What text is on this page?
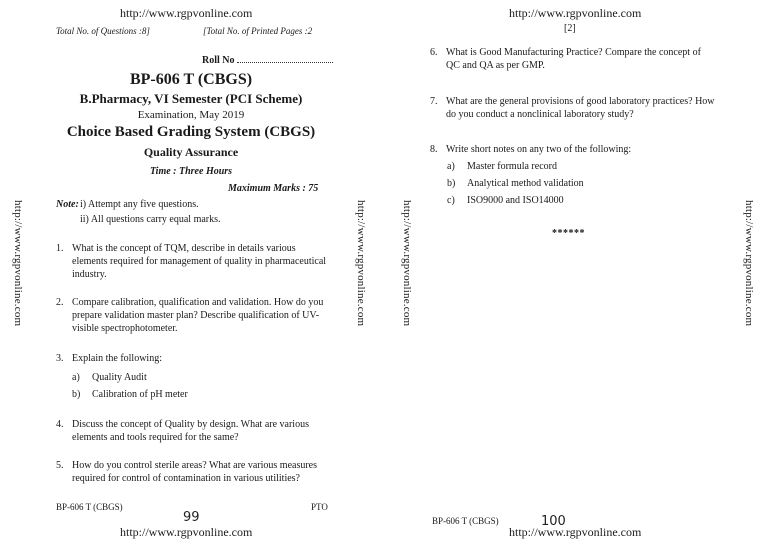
http://www.rgpvonline.com
Total No. of Questions :8]	[Total No. of Printed Pages :2
Roll No
BP-606 T (CBGS)
B.Pharmacy, VI Semester (PCI Scheme)
Examination, May 2019
Choice Based Grading System (CBGS)
Quality Assurance
Time : Three Hours
Maximum Marks : 75
Note: i) Attempt any five questions.
ii) All questions carry equal marks.
1. What is the concept of TQM, describe in details various elements required for management of quality in pharmaceutical industry.
2. Compare calibration, qualification and validation. How do you prepare validation master plan? Describe qualification of UV-visible spectrophotometer.
3. Explain the following:
a) Quality Audit
b) Calibration of pH meter
4. Discuss the concept of Quality by design. What are various elements and tools required for the same?
5. How do you control sterile areas? What are various measures required for control of contamination in various utilities?
BP-606 T (CBGS)	PTO
99
http://www.rgpvonline.com
http://www.rgpvonline.com	http://www.rgpvonline.com
http://www.rgpvonline.com
[2]
6. What is Good Manufacturing Practice? Compare the concept of QC and QA as per GMP.
7. What are the general provisions of good laboratory practices? How do you conduct a nonclinical laboratory study?
8. Write short notes on any two of the following:
a) Master formula record
b) Analytical method validation
c) ISO9000 and ISO14000
******
BP-606 T (CBGS)	100
http://www.rgpvonline.com
http://www.rgpvonline.com	http://www.rgpvonline.com
